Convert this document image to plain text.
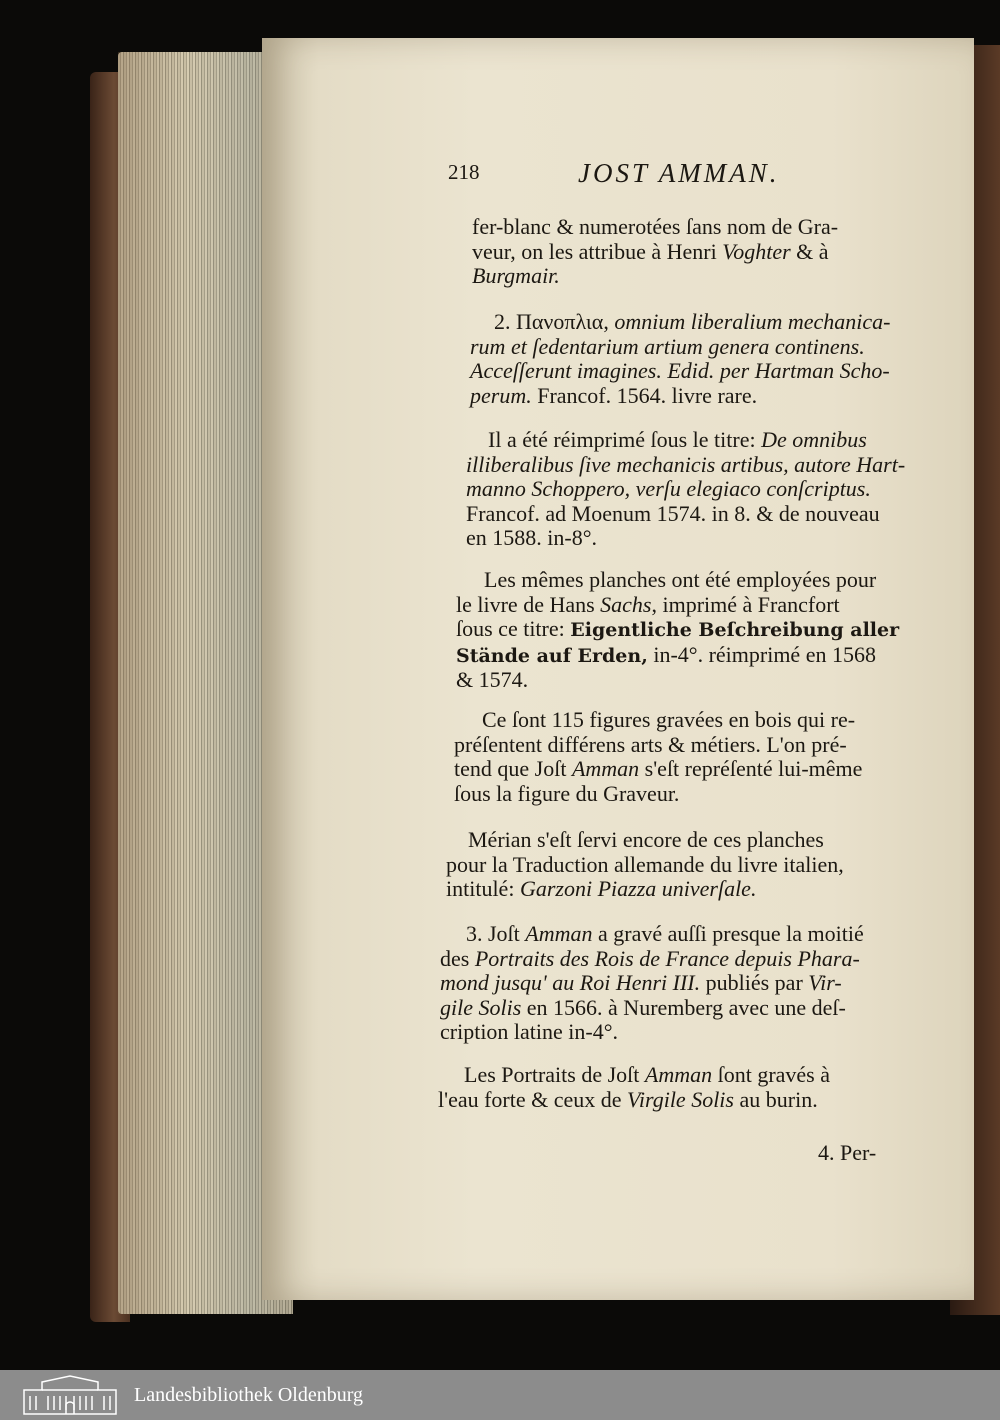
218	JOST AMMAN.
fer-blanc & numerotées ſans nom de Gra-
veur, on les attribue à Henri Voghter & à
Burgmair.
2. Πανοπλια, omnium liberalium mechanica-
rum et ſedentarium artium genera continens.
Acceſſerunt imagines. Edid. per Hartman Scho-
perum. Francof. 1564. livre rare.
Il a été réimprimé ſous le titre: De omnibus
illiberalibus ſive mechanicis artibus, autore Hart-
manno Schoppero, verſu elegiaco conſcriptus.
Francof. ad Moenum 1574. in 8. & de nouveau
en 1588. in-8°.
Les mêmes planches ont été employées pour
le livre de Hans Sachs, imprimé à Francfort
ſous ce titre: Eigentliche Beſchreibung aller
Stände auf Erden, in-4°. réimprimé en 1568
& 1574.
Ce ſont 115 figures gravées en bois qui re-
préſentent différens arts & métiers. L'on pré-
tend que Joſt Amman s'eſt repréſenté lui-même
ſous la figure du Graveur.
Mérian s'eſt ſervi encore de ces planches
pour la Traduction allemande du livre italien,
intitulé: Garzoni Piazza univerſale.
3. Joſt Amman a gravé auſſi presque la moitié
des Portraits des Rois de France depuis Phara-
mond jusqu' au Roi Henri III. publiés par Vir-
gile Solis en 1566. à Nuremberg avec une deſ-
cription latine in-4°.
Les Portraits de Joſt Amman ſont gravés à
l'eau forte & ceux de Virgile Solis au burin.
4. Per-
Landesbibliothek Oldenburg
